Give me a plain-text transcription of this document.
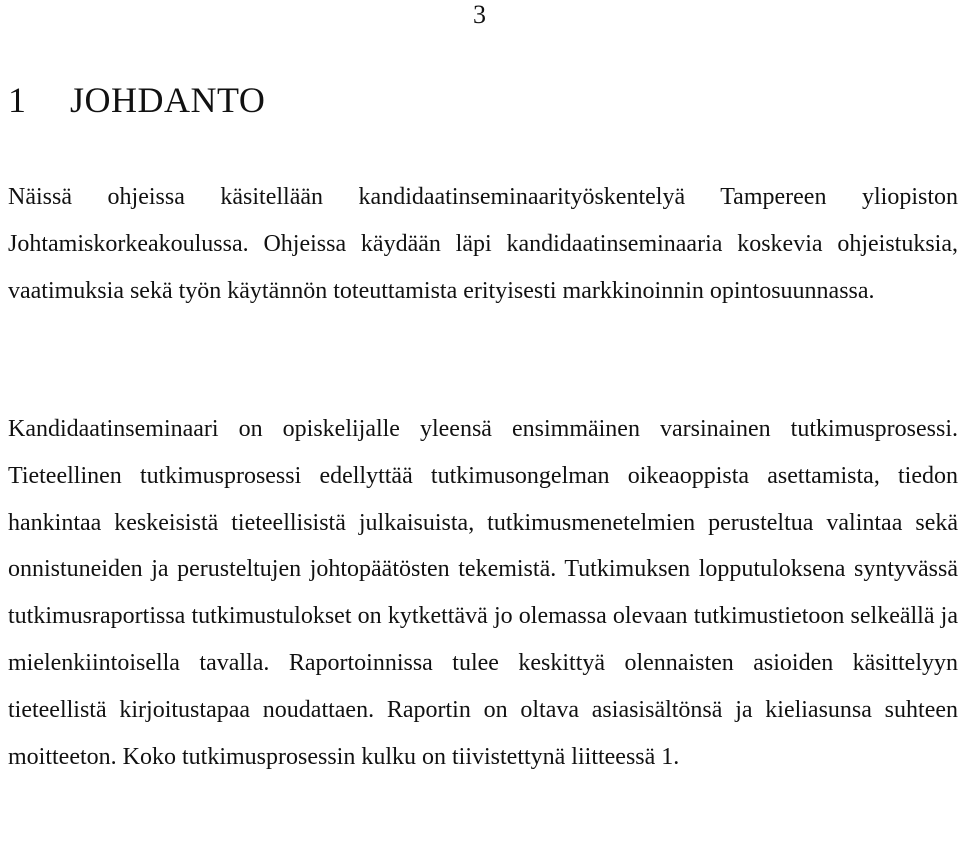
3
1 JOHDANTO

Näissä ohjeissa käsitellään kandidaatinseminaarityöskentelyä Tampereen yliopiston Johtamiskorkeakoulussa. Ohjeissa käydään läpi kandidaatinseminaaria koskevia ohjeistuksia, vaatimuksia sekä työn käytännön toteuttamista erityisesti markkinoinnin opintosuunnassa.

Kandidaatinseminaari on opiskelijalle yleensä ensimmäinen varsinainen tutkimusprosessi. Tieteellinen tutkimusprosessi edellyttää tutkimusongelman oikeaoppista asettamista, tiedon hankintaa keskeisistä tieteellisistä julkaisuista, tutkimusmenetelmien perusteltua valintaa sekä onnistuneiden ja perusteltujen johtopäätösten tekemistä. Tutkimuksen lopputuloksena syntyvässä tutkimusraportissa tutkimustulokset on kytkettävä jo olemassa olevaan tutkimustietoon selkeällä ja mielenkiintoisella tavalla. Raportoinnissa tulee keskittyä olennaisten asioiden käsittelyyn tieteellistä kirjoitustapaa noudattaen. Raportin on oltava asiasisältönsä ja kieliasunsa suhteen moitteeton. Koko tutkimusprosessin kulku on tiivistettynä liitteessä 1.
